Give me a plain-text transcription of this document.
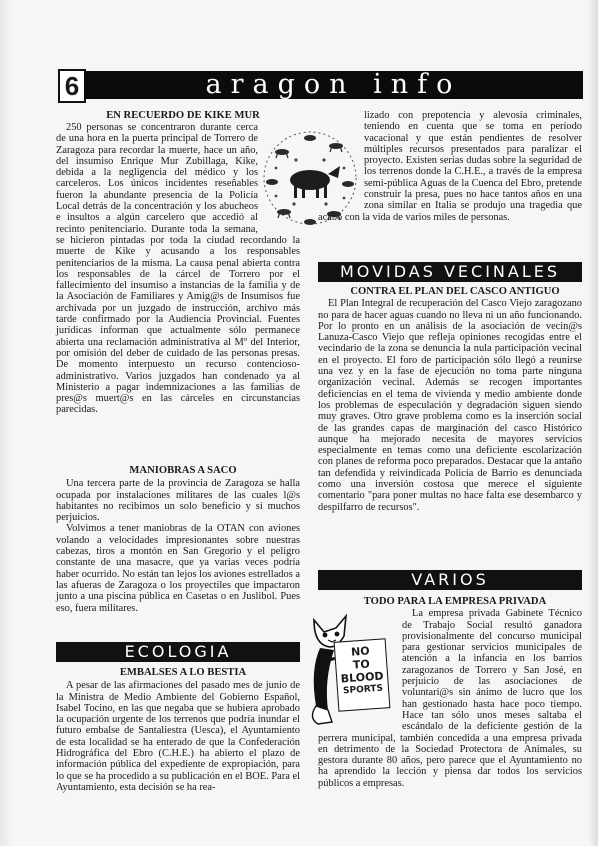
6	aragon info

EN RECUERDO DE KIKE MUR

250 personas se concentraron durante cerca de una hora en la puerta principal de Torrero de Zaragoza para recordar la muerte, hace un año, del insumiso Enrique Mur Zubillaga, Kike, debida a la negligencia del médico y los carceleros. Los únicos incidentes reseñables fueron la abundante presencia de la Policía Local detrás de la concentración y los abucheos e insultos a algún carcelero que accedió al recinto penitenciario. Durante toda la semana, se hicieron pintadas por toda la ciudad recordando la muerte de Kike y acusando a los responsables penitenciarios de la misma. La causa penal abierta contra los responsables de la cárcel de Torrero por el fallecimiento del insumiso a instancias de la familia y de la Asociación de Familiares y Amig@s de Insumisos fue archivada por un juzgado de instrucción, archivo más tarde confirmado por la Audiencia Provincial. Fuentes jurídicas informan que actualmente sólo permanece abierta una reclamación administrativa al Mº del Interior, por omisión del deber de cuidado de las personas presas. De momento interpuesto un recurso contencioso-administrativo. Varios juzgados han condenado ya al Ministerio a pagar indemnizaciones a las familias de pres@s muert@s en las cárceles en circunstancias parecidas.

MANIOBRAS A SACO

Una tercera parte de la provincia de Zaragoza se halla ocupada por instalaciones militares de las cuales l@s habitantes no recibimos un solo beneficio y sí muchos perjuicios.

Volvimos a tener maniobras de la OTAN con aviones volando a velocidades impresionantes sobre nuestras cabezas, tiros a montón en San Gregorio y el peligro constante de una masacre, que ya varias veces podría haber ocurrido. No están tan lejos los aviones estrellados a las afueras de Zaragoza o los proyectiles que impactaron junto a una piscina pública en Casetas o en Juslibol. Pues eso, fuera militares.

ECOLOGIA

EMBALSES A LO BESTIA

A pesar de las afirmaciones del pasado mes de junio de la Ministra de Medio Ambiente del Gobierno Español, Isabel Tocino, en las que negaba que se hubiera aprobado la ocupación urgente de los terrenos que podría inundar el futuro embalse de Santaliestra (Uesca), el Ayuntamiento de esta localidad se ha enterado de que la Confederación Hidrográfica del Ebro (C.H.E.) ha abierto el plazo de información pública del expediente de expropiación, para lo que se ha procedido a su publicación en el BOE. Para el Ayuntamiento, esta decisión se ha rea-

lizado con prepotencia y alevosía criminales, teniendo en cuenta que se toma en período vacacional y que están pendientes de resolver múltiples recursos presentados para paralizar el proyecto. Existen serias dudas sobre la seguridad de los terrenos donde la C.H.E., a través de la empresa semi-pública Aguas de la Cuenca del Ebro, pretende construir la presa, pues no hace tantos años en una zona similar en Italia se produjo una tragedia que acabó con la vida de varios miles de personas.

MOVIDAS VECINALES

CONTRA EL PLAN DEL CASCO ANTIGUO

El Plan Integral de recuperación del Casco Viejo zaragozano no para de hacer aguas cuando no lleva ni un año funcionando. Por lo pronto en un análisis de la asociación de vecin@s Lanuza-Casco Viejo que refleja opiniones recogidas entre el vecindario de la zona se denuncia la nula participación vecinal en el proyecto. El foro de participación sólo llegó a reunirse una vez y en la fase de ejecución no toma parte ninguna organización vecinal. Además se recogen importantes deficiencias en el tema de vivienda y medio ambiente donde los problemas de especulación y degradación siguen siendo muy graves. Otro grave problema como es la inserción social de las grandes capas de marginación del casco Histórico aunque ha mejorado necesita de mayores servicios especialmente en temas como una deficiente escolarización con planes de reforma poco preparados. Destacar que la antaño tan defendida y reivindicada Policía de Barrio es denunciada como una inversión costosa que merece el siguiente comentario "para poner multas no hace falta ese desembarco y despilfarro de recursos".

VARIOS
NO
TO
BLOOD
SPORTS

TODO PARA LA EMPRESA PRIVADA

La empresa privada Gabinete Técnico de Trabajo Social resultó ganadora provisionalmente del concurso municipal para gestionar servicios municipales de atención a la infancia en los barrios zaragozanos de Torrero y San José, en perjuicio de las asociaciones de voluntari@s sin ánimo de lucro que los han gestionado hasta hace poco tiempo. Hace tan sólo unos meses saltaba el escándalo de la deficiente gestión de la perrera municipal, también concedida a una empresa privada en detrimento de la Sociedad Protectora de Animales, su gestora durante 80 años, pero parece que el Ayuntamiento no ha aprendido la lección y piensa dar todos los servicios públicos a empresas.
